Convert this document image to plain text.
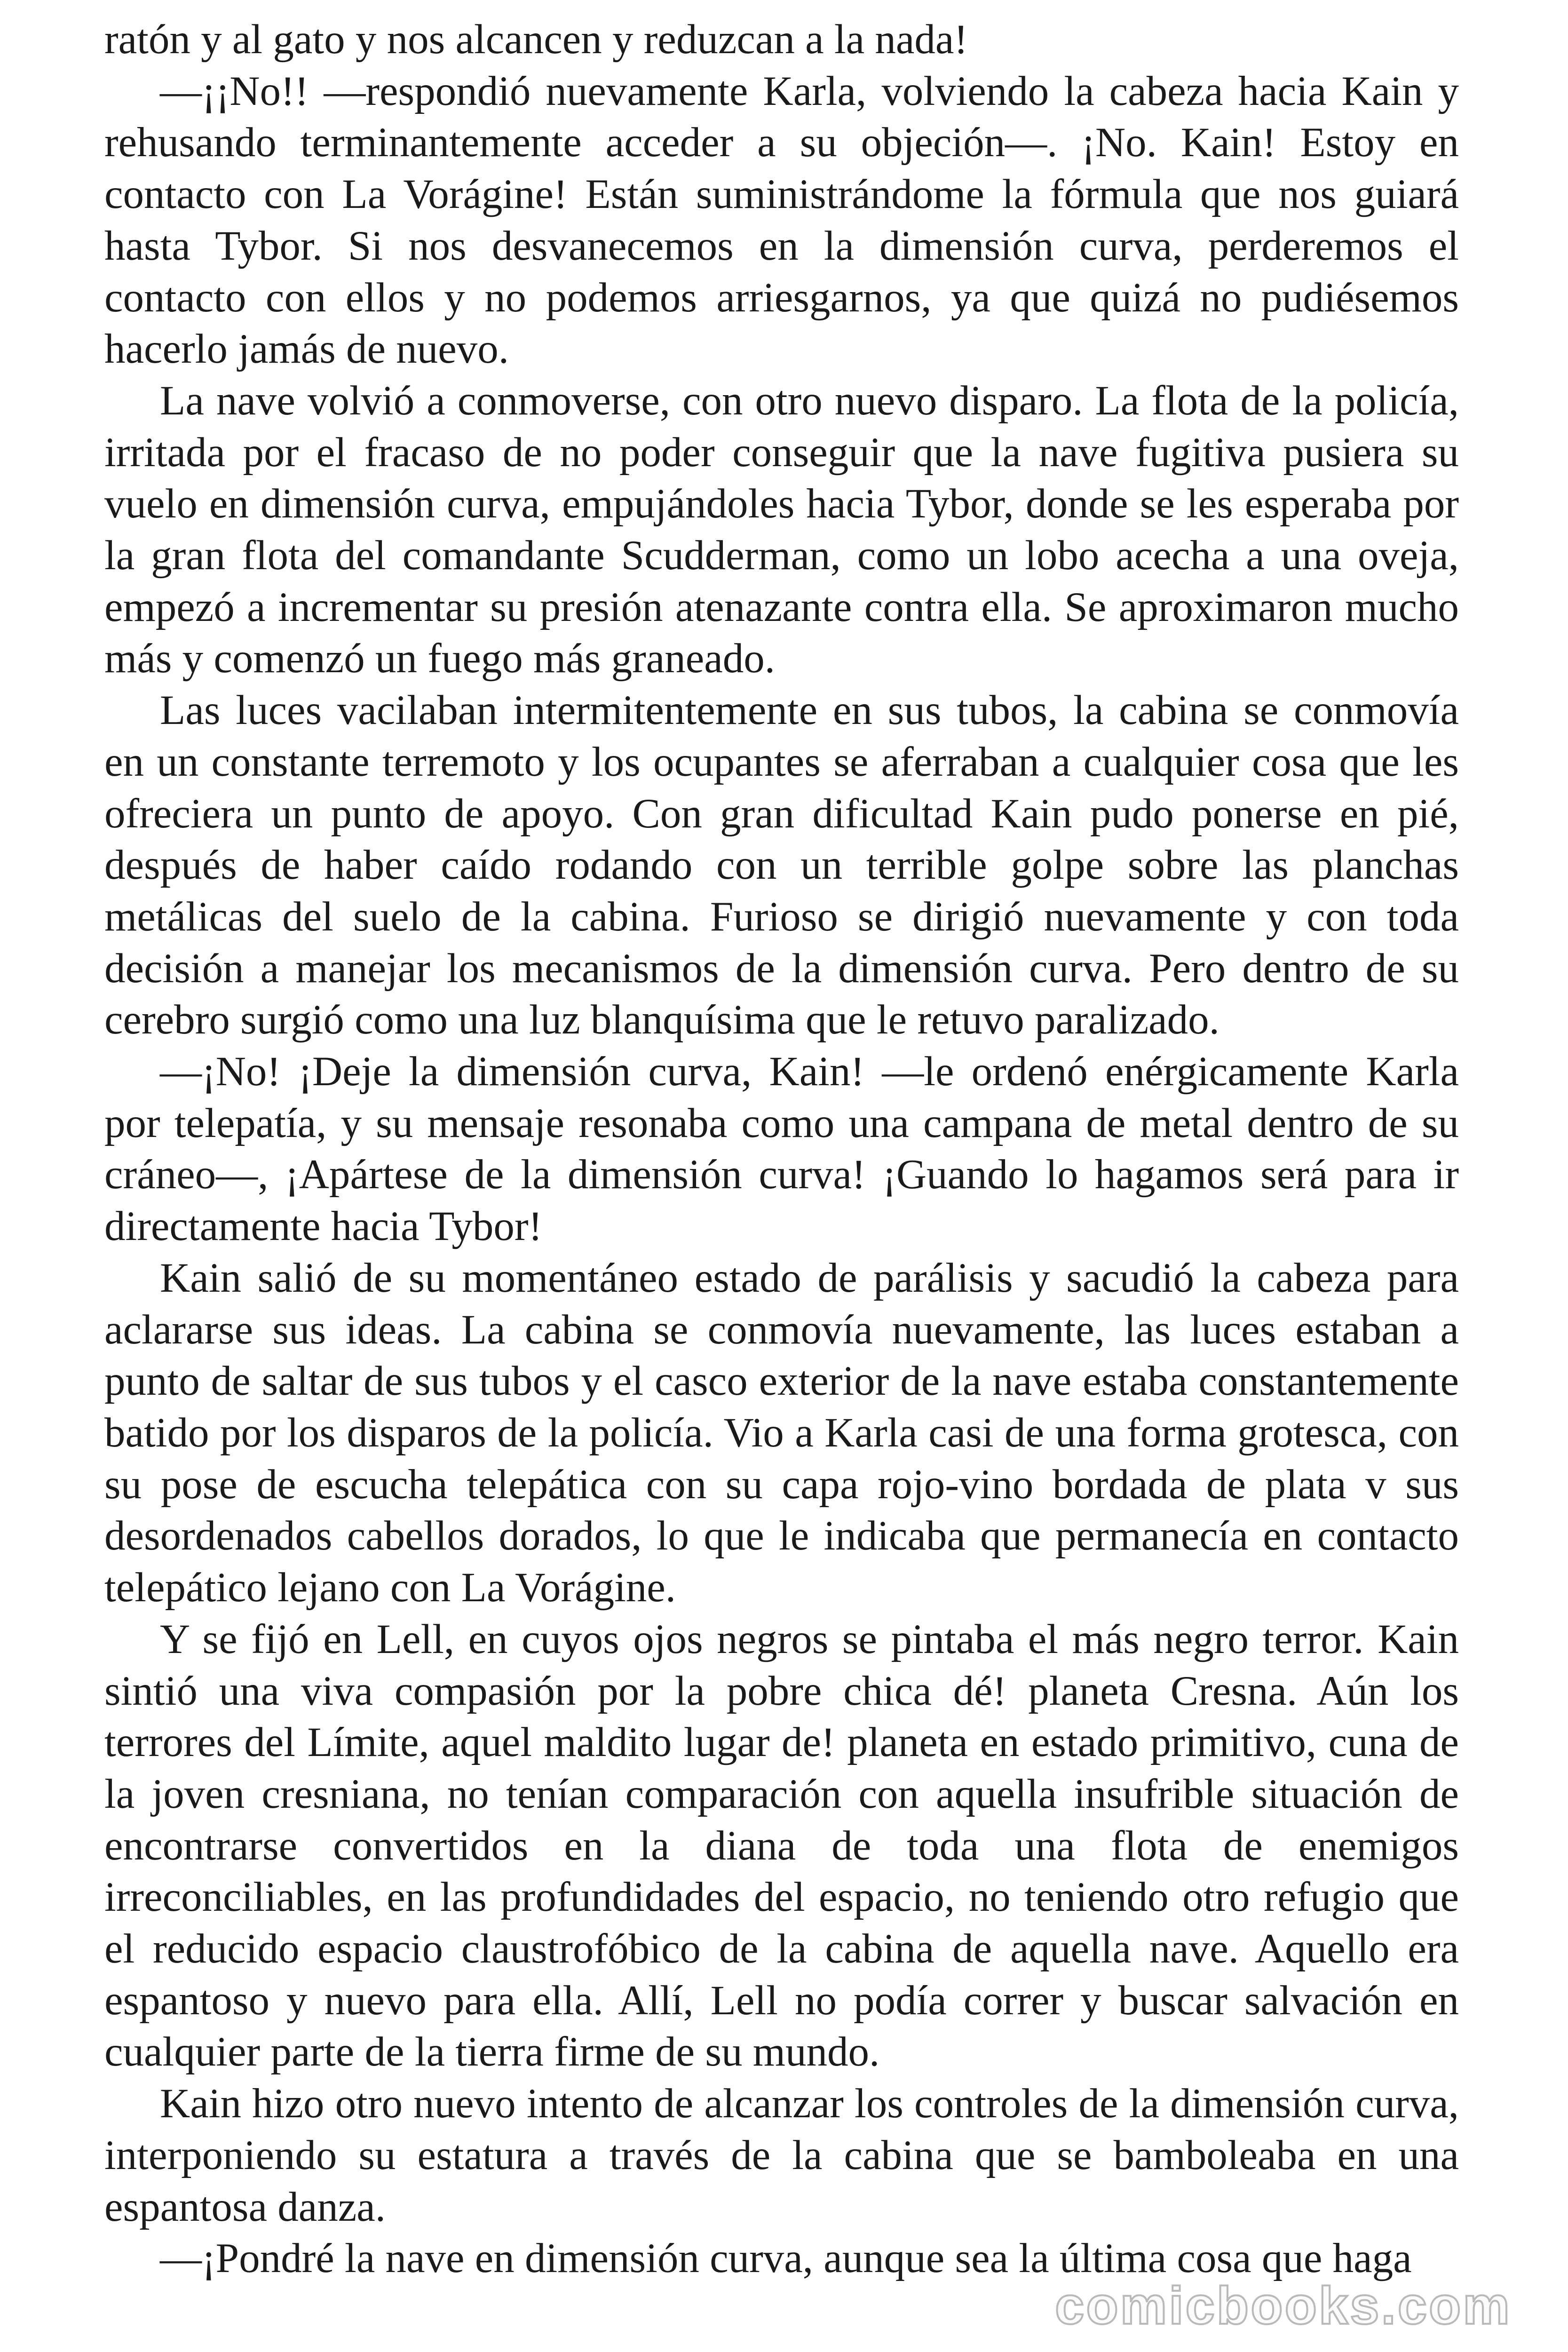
ratón y al gato y nos alcancen y reduzcan a la nada!

—¡¡No!! —respondió nuevamente Karla, volviendo la cabeza hacia Kain y rehusando terminantemente acceder a su objeción—. ¡No. Kain! Estoy en contacto con La Vorágine! Están suministrándome la fórmula que nos guiará hasta Tybor. Si nos desvanecemos en la dimensión curva, perderemos el contacto con ellos y no podemos arriesgarnos, ya que quizá no pudiésemos hacerlo jamás de nuevo.

La nave volvió a conmoverse, con otro nuevo disparo. La flota de la policía, irritada por el fracaso de no poder conseguir que la nave fugitiva pusiera su vuelo en dimensión curva, empujándoles hacia Tybor, donde se les esperaba por la gran flota del comandante Scudderman, como un lobo acecha a una oveja, empezó a incrementar su presión atenazante contra ella. Se aproximaron mucho más y comenzó un fuego más graneado.

Las luces vacilaban intermitentemente en sus tubos, la cabina se conmovía en un constante terremoto y los ocupantes se aferraban a cualquier cosa que les ofreciera un punto de apoyo. Con gran dificultad Kain pudo ponerse en pié, después de haber caído rodando con un terrible golpe sobre las planchas metálicas del suelo de la cabina. Furioso se dirigió nuevamente y con toda decisión a manejar los mecanismos de la dimensión curva. Pero dentro de su cerebro surgió como una luz blanquísima que le retuvo paralizado.

—¡No! ¡Deje la dimensión curva, Kain! —le ordenó enérgicamente Karla por telepatía, y su mensaje resonaba como una campana de metal dentro de su cráneo—, ¡Apártese de la dimensión curva! ¡Guando lo hagamos será para ir directamente hacia Tybor!

Kain salió de su momentáneo estado de parálisis y sacudió la cabeza para aclararse sus ideas. La cabina se conmovía nuevamente, las luces estaban a punto de saltar de sus tubos y el casco exterior de la nave estaba constantemente batido por los disparos de la policía. Vio a Karla casi de una forma grotesca, con su pose de escucha telepática con su capa rojo-vino bordada de plata v sus desordenados cabellos dorados, lo que le indicaba que permanecía en contacto telepático lejano con La Vorágine.

Y se fijó en Lell, en cuyos ojos negros se pintaba el más negro terror. Kain sintió una viva compasión por la pobre chica dé! planeta Cresna. Aún los terrores del Límite, aquel maldito lugar de! planeta en estado primitivo, cuna de la joven cresniana, no tenían comparación con aquella insufrible situación de encontrarse convertidos en la diana de toda una flota de enemigos irreconciliables, en las profundidades del espacio, no teniendo otro refugio que el reducido espacio claustrofóbico de la cabina de aquella nave. Aquello era espantoso y nuevo para ella. Allí, Lell no podía correr y buscar salvación en cualquier parte de la tierra firme de su mundo.

Kain hizo otro nuevo intento de alcanzar los controles de la dimensión curva, interponiendo su estatura a través de la cabina que se bamboleaba en una espantosa danza.

—¡Pondré la nave en dimensión curva, aunque sea la última cosa que haga

comicbooks.com
